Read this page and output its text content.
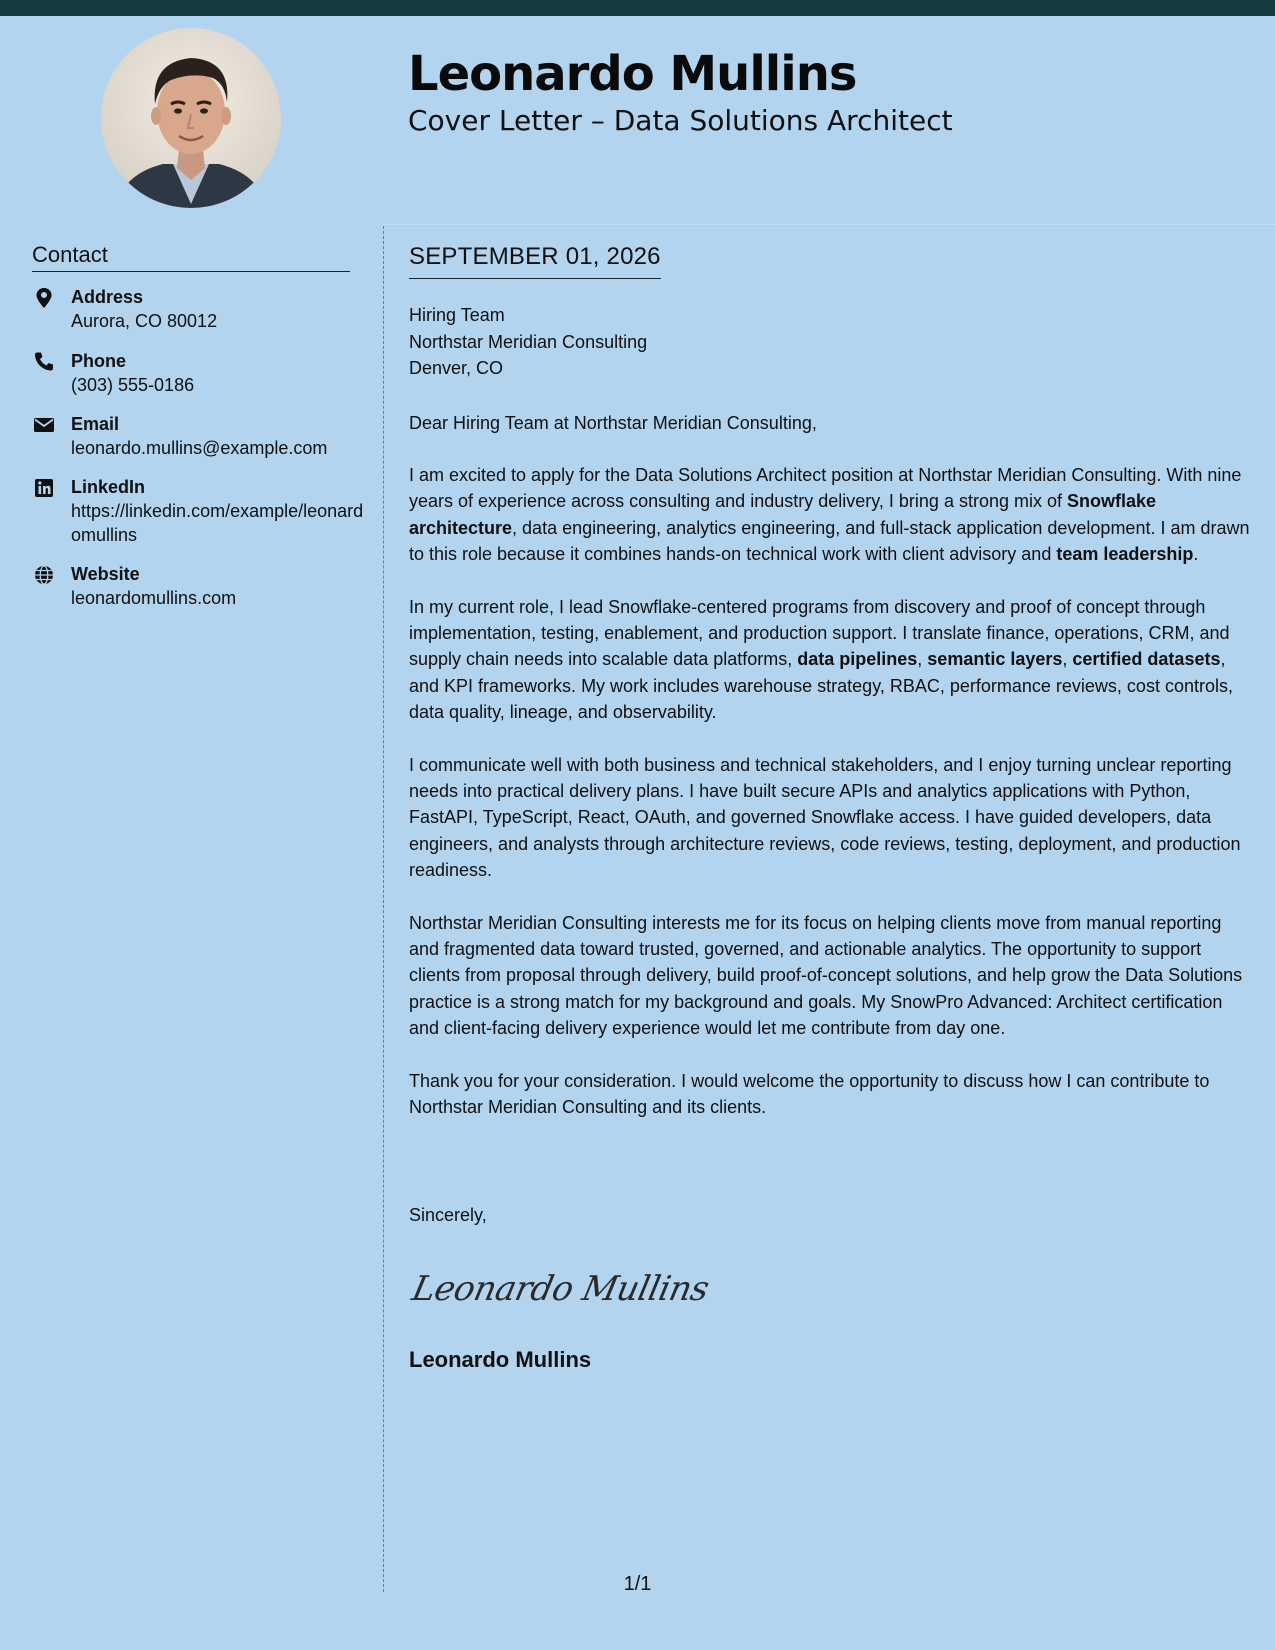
Leonardo Mullins
Cover Letter – Data Solutions Architect
Contact
Address
Aurora, CO 80012
Phone
(303) 555-0186
Email
leonardo.mullins@example.com
LinkedIn
https://linkedin.com/example/leonardomullins
Website
leonardomullins.com
SEPTEMBER 01, 2026
Hiring Team
Northstar Meridian Consulting
Denver, CO
Dear Hiring Team at Northstar Meridian Consulting,

I am excited to apply for the Data Solutions Architect position at Northstar Meridian Consulting. With nine years of experience across consulting and industry delivery, I bring a strong mix of Snowflake architecture, data engineering, analytics engineering, and full-stack application development. I am drawn to this role because it combines hands-on technical work with client advisory and team leadership.

In my current role, I lead Snowflake-centered programs from discovery and proof of concept through implementation, testing, enablement, and production support. I translate finance, operations, CRM, and supply chain needs into scalable data platforms, data pipelines, semantic layers, certified datasets, and KPI frameworks. My work includes warehouse strategy, RBAC, performance reviews, cost controls, data quality, lineage, and observability.

I communicate well with both business and technical stakeholders, and I enjoy turning unclear reporting needs into practical delivery plans. I have built secure APIs and analytics applications with Python, FastAPI, TypeScript, React, OAuth, and governed Snowflake access. I have guided developers, data engineers, and analysts through architecture reviews, code reviews, testing, deployment, and production readiness.

Northstar Meridian Consulting interests me for its focus on helping clients move from manual reporting and fragmented data toward trusted, governed, and actionable analytics. The opportunity to support clients from proposal through delivery, build proof-of-concept solutions, and help grow the Data Solutions practice is a strong match for my background and goals. My SnowPro Advanced: Architect certification and client-facing delivery experience would let me contribute from day one.

Thank you for your consideration. I would welcome the opportunity to discuss how I can contribute to Northstar Meridian Consulting and its clients.

Sincerely,
Leonardo Mullins
Leonardo Mullins
1/1
